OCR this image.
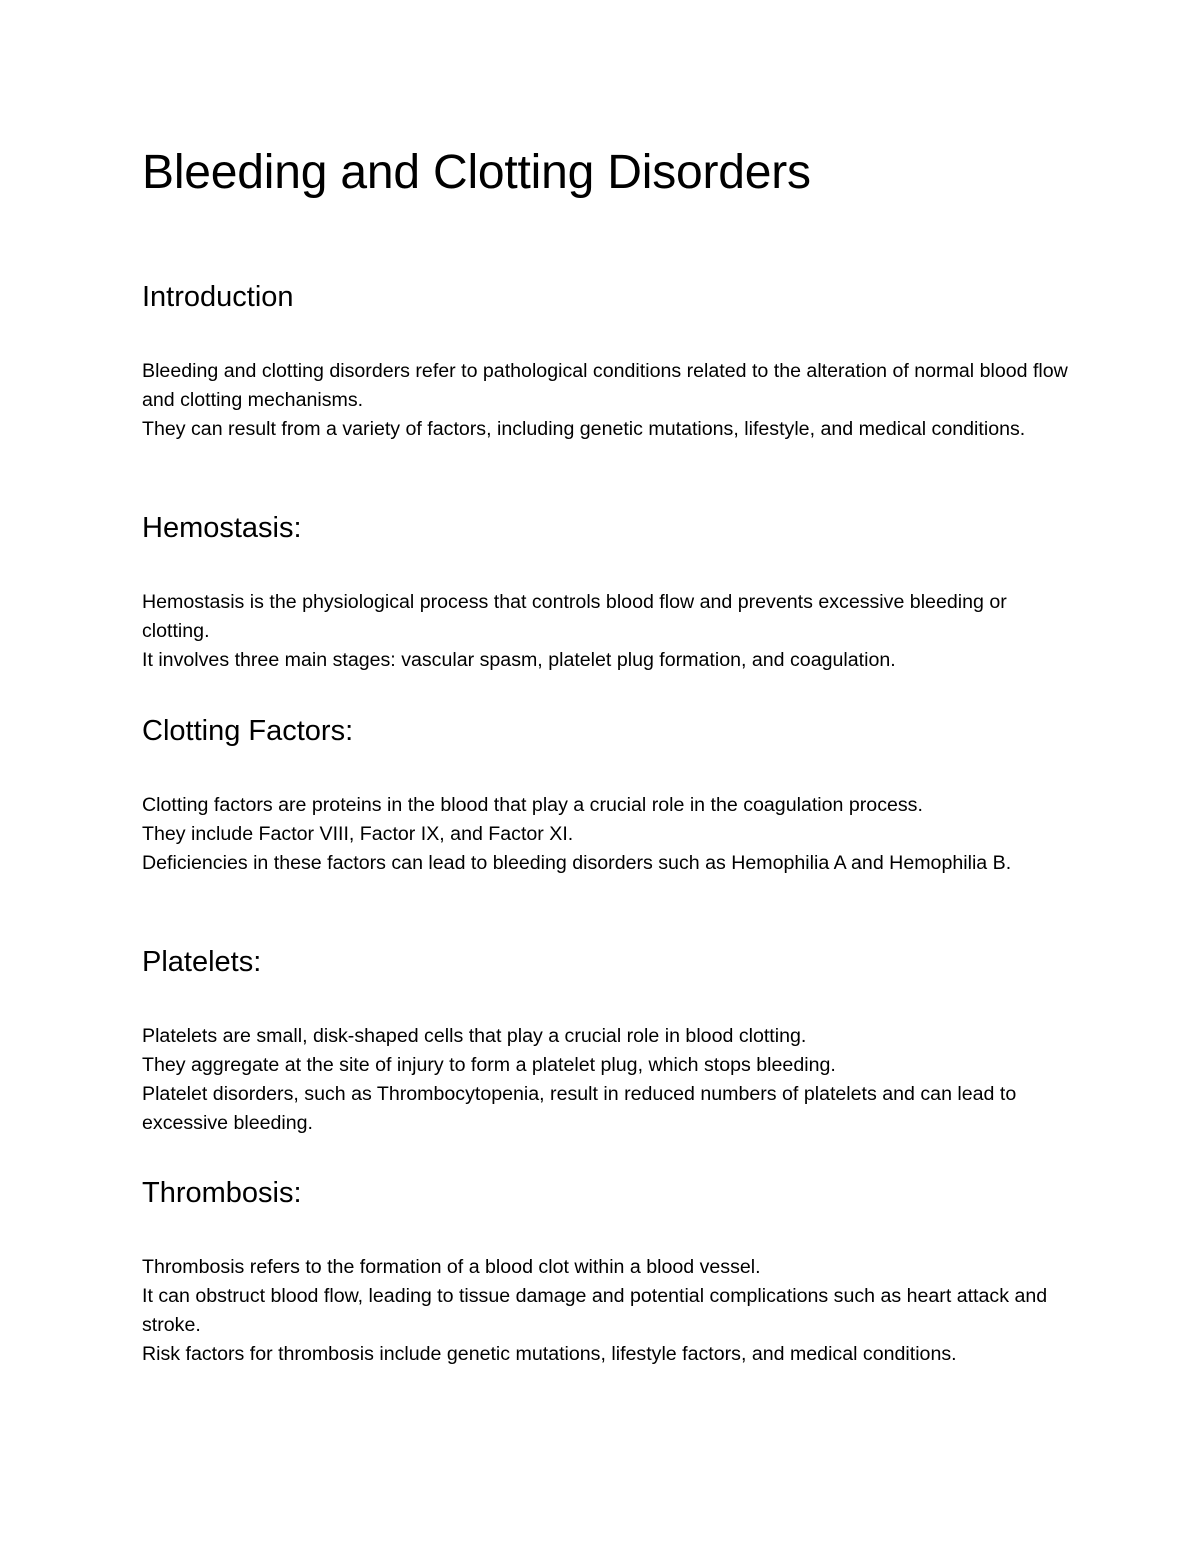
Bleeding and Clotting Disorders
Introduction

Bleeding and clotting disorders refer to pathological conditions related to the alteration of normal blood flow and clotting mechanisms.

They can result from a variety of factors, including genetic mutations, lifestyle, and medical conditions.

Hemostasis:

Hemostasis is the physiological process that controls blood flow and prevents excessive bleeding or clotting.

It involves three main stages: vascular spasm, platelet plug formation, and coagulation.

Clotting Factors:

Clotting factors are proteins in the blood that play a crucial role in the coagulation process.

They include Factor VIII, Factor IX, and Factor XI.

Deficiencies in these factors can lead to bleeding disorders such as Hemophilia A and Hemophilia B.

Platelets:

Platelets are small, disk-shaped cells that play a crucial role in blood clotting.

They aggregate at the site of injury to form a platelet plug, which stops bleeding.

Platelet disorders, such as Thrombocytopenia, result in reduced numbers of platelets and can lead to excessive bleeding.

Thrombosis:

Thrombosis refers to the formation of a blood clot within a blood vessel.

It can obstruct blood flow, leading to tissue damage and potential complications such as heart attack and stroke.

Risk factors for thrombosis include genetic mutations, lifestyle factors, and medical conditions.
